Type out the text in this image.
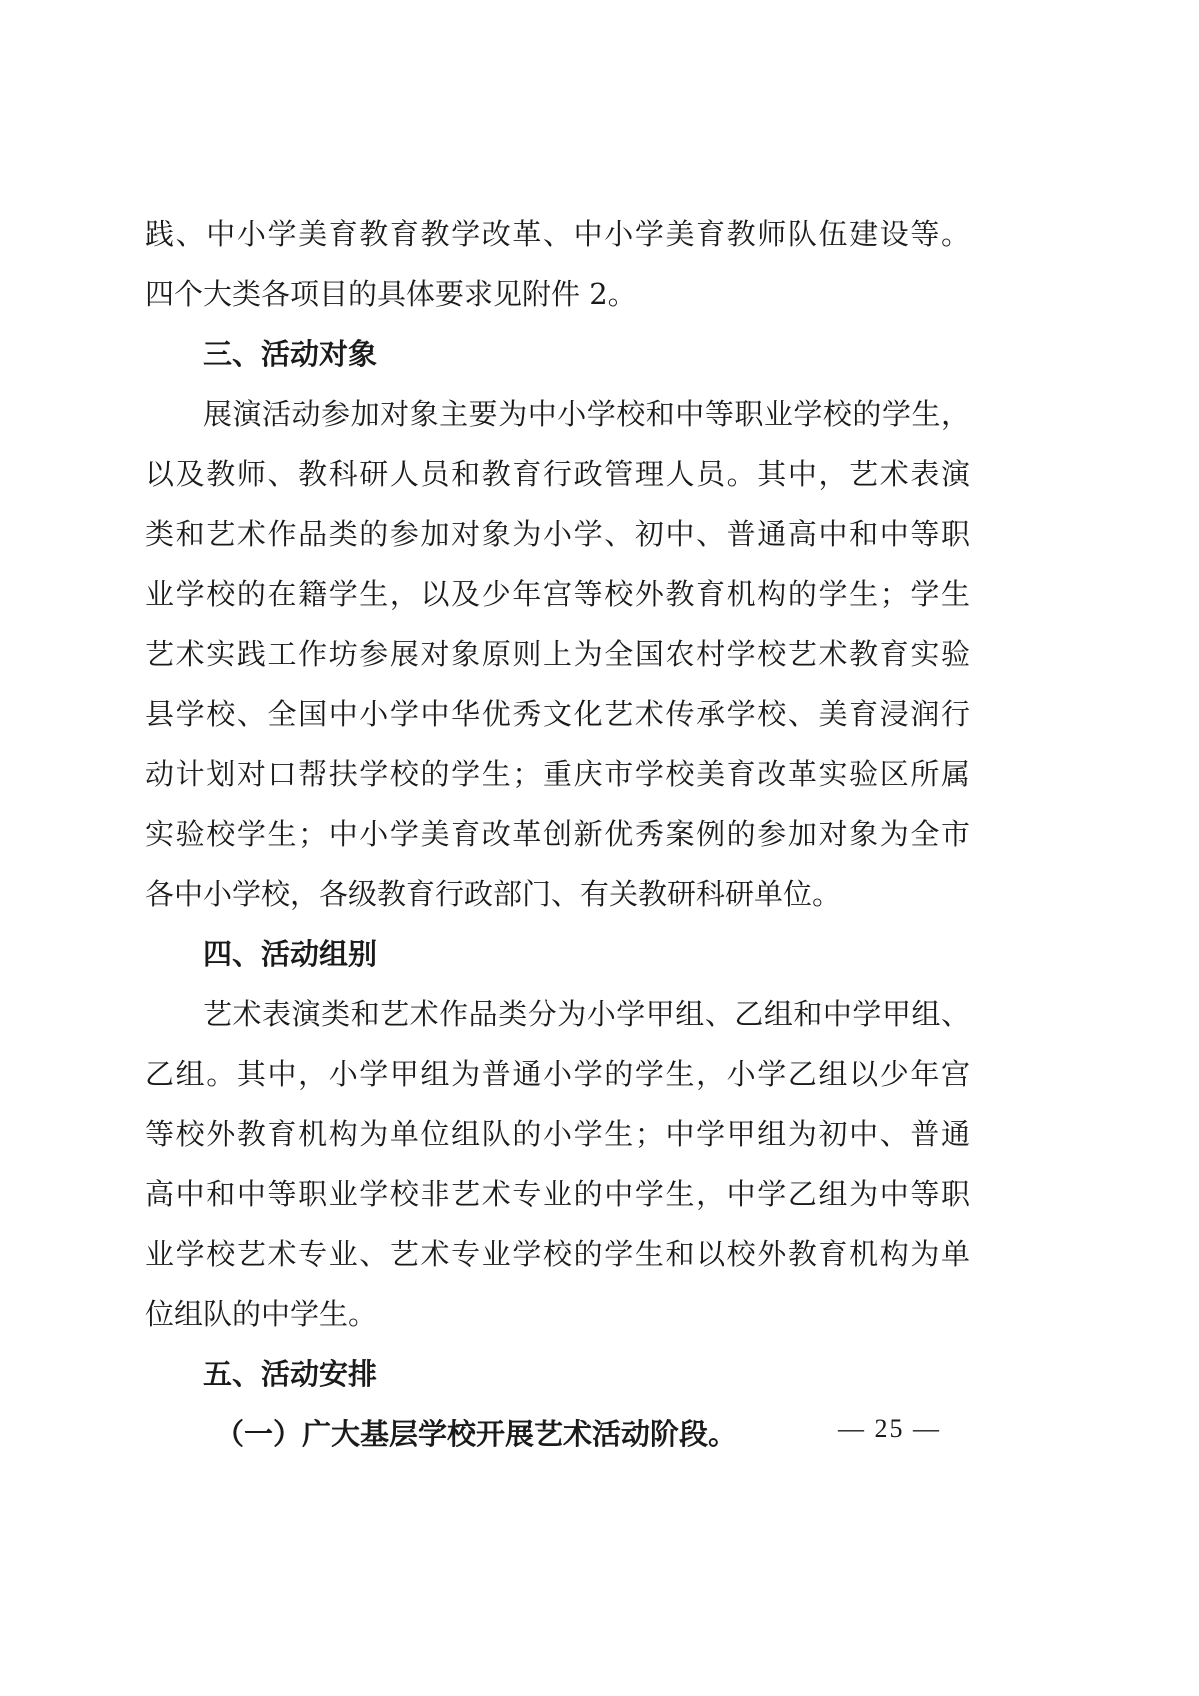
践、中小学美育教育教学改革、中小学美育教师队伍建设等。
四个大类各项目的具体要求见附件 2。
三、活动对象
展演活动参加对象主要为中小学校和中等职业学校的学生，
以及教师、教科研人员和教育行政管理人员。其中，艺术表演
类和艺术作品类的参加对象为小学、初中、普通高中和中等职
业学校的在籍学生，以及少年宫等校外教育机构的学生；学生
艺术实践工作坊参展对象原则上为全国农村学校艺术教育实验
县学校、全国中小学中华优秀文化艺术传承学校、美育浸润行
动计划对口帮扶学校的学生；重庆市学校美育改革实验区所属
实验校学生；中小学美育改革创新优秀案例的参加对象为全市
各中小学校，各级教育行政部门、有关教研科研单位。
四、活动组别
艺术表演类和艺术作品类分为小学甲组、乙组和中学甲组、
乙组。其中，小学甲组为普通小学的学生，小学乙组以少年宫
等校外教育机构为单位组队的小学生；中学甲组为初中、普通
高中和中等职业学校非艺术专业的中学生，中学乙组为中等职
业学校艺术专业、艺术专业学校的学生和以校外教育机构为单
位组队的中学生。
五、活动安排
（一）广大基层学校开展艺术活动阶段。	— 25 —
